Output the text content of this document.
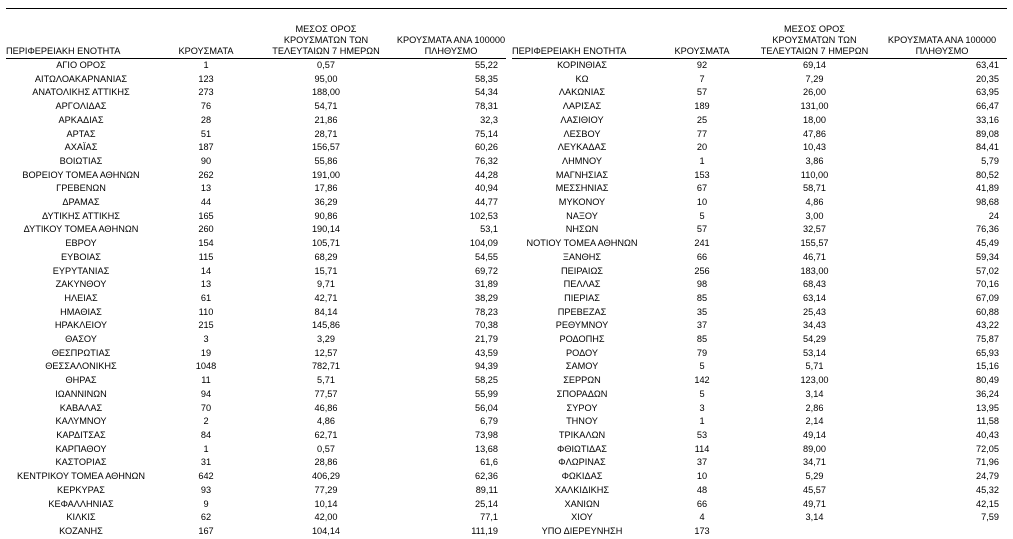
ΠΕΡΙΦΕΡΕΙΑΚΗ ΕΝΟΤΗΤΑ	ΚΡΟΥΣΜΑΤΑ	ΜΕΣΟΣ ΟΡΟΣ
ΚΡΟΥΣΜΑΤΩΝ ΤΩΝ
ΤΕΛΕΥΤΑΙΩΝ 7 ΗΜΕΡΩΝ	ΚΡΟΥΣΜΑΤΑ ΑΝΑ 100000
ΠΛΗΘΥΣΜΟ
ΑΓΙΟ ΟΡΟΣ	1	0,57	55,22
ΑΙΤΩΛΟΑΚΑΡΝΑΝΙΑΣ	123	95,00	58,35
ΑΝΑΤΟΛΙΚΗΣ ΑΤΤΙΚΗΣ	273	188,00	54,34
ΑΡΓΟΛΙΔΑΣ	76	54,71	78,31
ΑΡΚΑΔΙΑΣ	28	21,86	32,3
ΑΡΤΑΣ	51	28,71	75,14
ΑΧΑΪΑΣ	187	156,57	60,26
ΒΟΙΩΤΙΑΣ	90	55,86	76,32
ΒΟΡΕΙΟΥ ΤΟΜΕΑ ΑΘΗΝΩΝ	262	191,00	44,28
ΓΡΕΒΕΝΩΝ	13	17,86	40,94
ΔΡΑΜΑΣ	44	36,29	44,77
ΔΥΤΙΚΗΣ ΑΤΤΙΚΗΣ	165	90,86	102,53
ΔΥΤΙΚΟΥ ΤΟΜΕΑ ΑΘΗΝΩΝ	260	190,14	53,1
ΕΒΡΟΥ	154	105,71	104,09
ΕΥΒΟΙΑΣ	115	68,29	54,55
ΕΥΡΥΤΑΝΙΑΣ	14	15,71	69,72
ΖΑΚΥΝΘΟΥ	13	9,71	31,89
ΗΛΕΙΑΣ	61	42,71	38,29
ΗΜΑΘΙΑΣ	110	84,14	78,23
ΗΡΑΚΛΕΙΟΥ	215	145,86	70,38
ΘΑΣΟΥ	3	3,29	21,79
ΘΕΣΠΡΩΤΙΑΣ	19	12,57	43,59
ΘΕΣΣΑΛΟΝΙΚΗΣ	1048	782,71	94,39
ΘΗΡΑΣ	11	5,71	58,25
ΙΩΑΝΝΙΝΩΝ	94	77,57	55,99
ΚΑΒΑΛΑΣ	70	46,86	56,04
ΚΑΛΥΜΝΟΥ	2	4,86	6,79
ΚΑΡΔΙΤΣΑΣ	84	62,71	73,98
ΚΑΡΠΑΘΟΥ	1	0,57	13,68
ΚΑΣΤΟΡΙΑΣ	31	28,86	61,6
ΚΕΝΤΡΙΚΟΥ ΤΟΜΕΑ ΑΘΗΝΩΝ	642	406,29	62,36
ΚΕΡΚΥΡΑΣ	93	77,29	89,11
ΚΕΦΑΛΛΗΝΙΑΣ	9	10,14	25,14
ΚΙΛΚΙΣ	62	42,00	77,1
ΚΟΖΑΝΗΣ	167	104,14	111,19
ΠΕΡΙΦΕΡΕΙΑΚΗ ΕΝΟΤΗΤΑ	ΚΡΟΥΣΜΑΤΑ	ΜΕΣΟΣ ΟΡΟΣ
ΚΡΟΥΣΜΑΤΩΝ ΤΩΝ
ΤΕΛΕΥΤΑΙΩΝ 7 ΗΜΕΡΩΝ	ΚΡΟΥΣΜΑΤΑ ΑΝΑ 100000
ΠΛΗΘΥΣΜΟ
ΚΟΡΙΝΘΙΑΣ	92	69,14	63,41
ΚΩ	7	7,29	20,35
ΛΑΚΩΝΙΑΣ	57	26,00	63,95
ΛΑΡΙΣΑΣ	189	131,00	66,47
ΛΑΣΙΘΙΟΥ	25	18,00	33,16
ΛΕΣΒΟΥ	77	47,86	89,08
ΛΕΥΚΑΔΑΣ	20	10,43	84,41
ΛΗΜΝΟΥ	1	3,86	5,79
ΜΑΓΝΗΣΙΑΣ	153	110,00	80,52
ΜΕΣΣΗΝΙΑΣ	67	58,71	41,89
ΜΥΚΟΝΟΥ	10	4,86	98,68
ΝΑΞΟΥ	5	3,00	24
ΝΗΣΩΝ	57	32,57	76,36
ΝΟΤΙΟΥ ΤΟΜΕΑ ΑΘΗΝΩΝ	241	155,57	45,49
ΞΑΝΘΗΣ	66	46,71	59,34
ΠΕΙΡΑΙΩΣ	256	183,00	57,02
ΠΕΛΛΑΣ	98	68,43	70,16
ΠΙΕΡΙΑΣ	85	63,14	67,09
ΠΡΕΒΕΖΑΣ	35	25,43	60,88
ΡΕΘΥΜΝΟΥ	37	34,43	43,22
ΡΟΔΟΠΗΣ	85	54,29	75,87
ΡΟΔΟΥ	79	53,14	65,93
ΣΑΜΟΥ	5	5,71	15,16
ΣΕΡΡΩΝ	142	123,00	80,49
ΣΠΟΡΑΔΩΝ	5	3,14	36,24
ΣΥΡΟΥ	3	2,86	13,95
ΤΗΝΟΥ	1	2,14	11,58
ΤΡΙΚΑΛΩΝ	53	49,14	40,43
ΦΘΙΩΤΙΔΑΣ	114	89,00	72,05
ΦΛΩΡΙΝΑΣ	37	34,71	71,96
ΦΩΚΙΔΑΣ	10	5,29	24,79
ΧΑΛΚΙΔΙΚΗΣ	48	45,57	45,32
ΧΑΝΙΩΝ	66	49,71	42,15
ΧΙΟΥ	4	3,14	7,59
ΥΠΟ ΔΙΕΡΕΥΝΗΣΗ	173		
